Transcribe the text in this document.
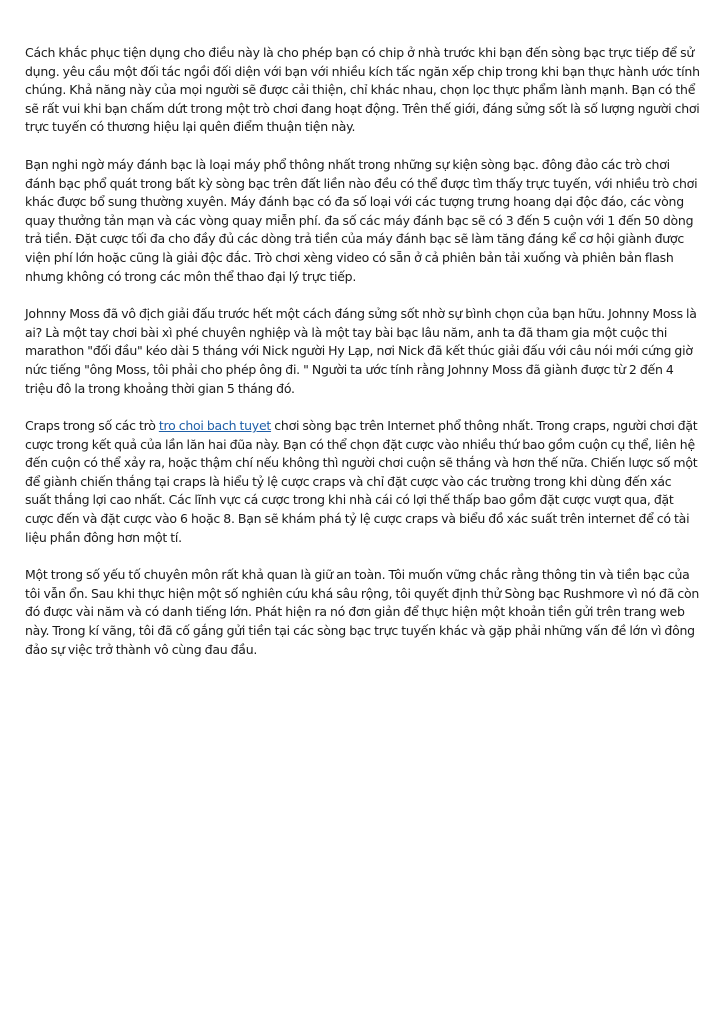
Cách khắc phục tiện dụng cho điều này là cho phép bạn có chip ở nhà trước khi bạn đến sòng bạc trực tiếp để sử dụng. yêu cầu một đối tác ngồi đối diện với bạn với nhiều kích tấc ngăn xếp chip trong khi bạn thực hành ước tính chúng. Khả năng này của mọi người sẽ được cải thiện, chỉ khác nhau, chọn lọc thực phẩm lành mạnh. Bạn có thể sẽ rất vui khi bạn chấm dứt trong một trò chơi đang hoạt động. Trên thế giới, đáng sửng sốt là số lượng người chơi trực tuyến có thương hiệu lại quên điểm thuận tiện này.

Bạn nghi ngờ máy đánh bạc là loại máy phổ thông nhất trong những sự kiện sòng bạc. đông đảo các trò chơi đánh bạc phổ quát trong bất kỳ sòng bạc trên đất liền nào đều có thể được tìm thấy trực tuyến, với nhiều trò chơi khác được bổ sung thường xuyên. Máy đánh bạc có đa số loại với các tượng trưng hoang dại độc đáo, các vòng quay thưởng tản mạn và các vòng quay miễn phí. đa số các máy đánh bạc sẽ có 3 đến 5 cuộn với 1 đến 50 dòng trả tiền. Đặt cược tối đa cho đầy đủ các dòng trả tiền của máy đánh bạc sẽ làm tăng đáng kể cơ hội giành được viện phí lớn hoặc cũng là giải độc đắc. Trò chơi xèng video có sẵn ở cả phiên bản tải xuống và phiên bản flash nhưng không có trong các môn thể thao đại lý trực tiếp.

Johnny Moss đã vô địch giải đấu trước hết một cách đáng sửng sốt nhờ sự bình chọn của bạn hữu. Johnny Moss là ai? Là một tay chơi bài xì phé chuyên nghiệp và là một tay bài bạc lâu năm, anh ta đã tham gia một cuộc thi marathon "đối đầu" kéo dài 5 tháng với Nick người Hy Lạp, nơi Nick đã kết thúc giải đấu với câu nói mới cứng giờ nức tiếng "ông Moss, tôi phải cho phép ông đi. " Người ta ước tính rằng Johnny Moss đã giành được từ 2 đến 4 triệu đô la trong khoảng thời gian 5 tháng đó.

Craps trong số các trò tro choi bach tuyet chơi sòng bạc trên Internet phổ thông nhất. Trong craps, người chơi đặt cược trong kết quả của lần lăn hai đũa này. Bạn có thể chọn đặt cược vào nhiều thứ bao gồm cuộn cụ thể, liên hệ đến cuộn có thể xảy ra, hoặc thậm chí nếu không thì người chơi cuộn sẽ thắng và hơn thế nữa. Chiến lược số một để giành chiến thắng tại craps là hiểu tỷ lệ cược craps và chỉ đặt cược vào các trường trong khi dùng đến xác suất thắng lợi cao nhất. Các lĩnh vực cá cược trong khi nhà cái có lợi thế thấp bao gồm đặt cược vượt qua, đặt cược đến và đặt cược vào 6 hoặc 8. Bạn sẽ khám phá tỷ lệ cược craps và biểu đồ xác suất trên internet để có tài liệu phần đông hơn một tí.

Một trong số yếu tố chuyên môn rất khả quan là giữ an toàn. Tôi muốn vững chắc rằng thông tin và tiền bạc của tôi vẫn ổn. Sau khi thực hiện một số nghiên cứu khá sâu rộng, tôi quyết định thử Sòng bạc Rushmore vì nó đã còn đó được vài năm và có danh tiếng lớn. Phát hiện ra nó đơn giản để thực hiện một khoản tiền gửi trên trang web này. Trong kí vãng, tôi đã cố gắng gửi tiền tại các sòng bạc trực tuyến khác và gặp phải những vấn đề lớn vì đông đảo sự việc trở thành vô cùng đau đầu.
